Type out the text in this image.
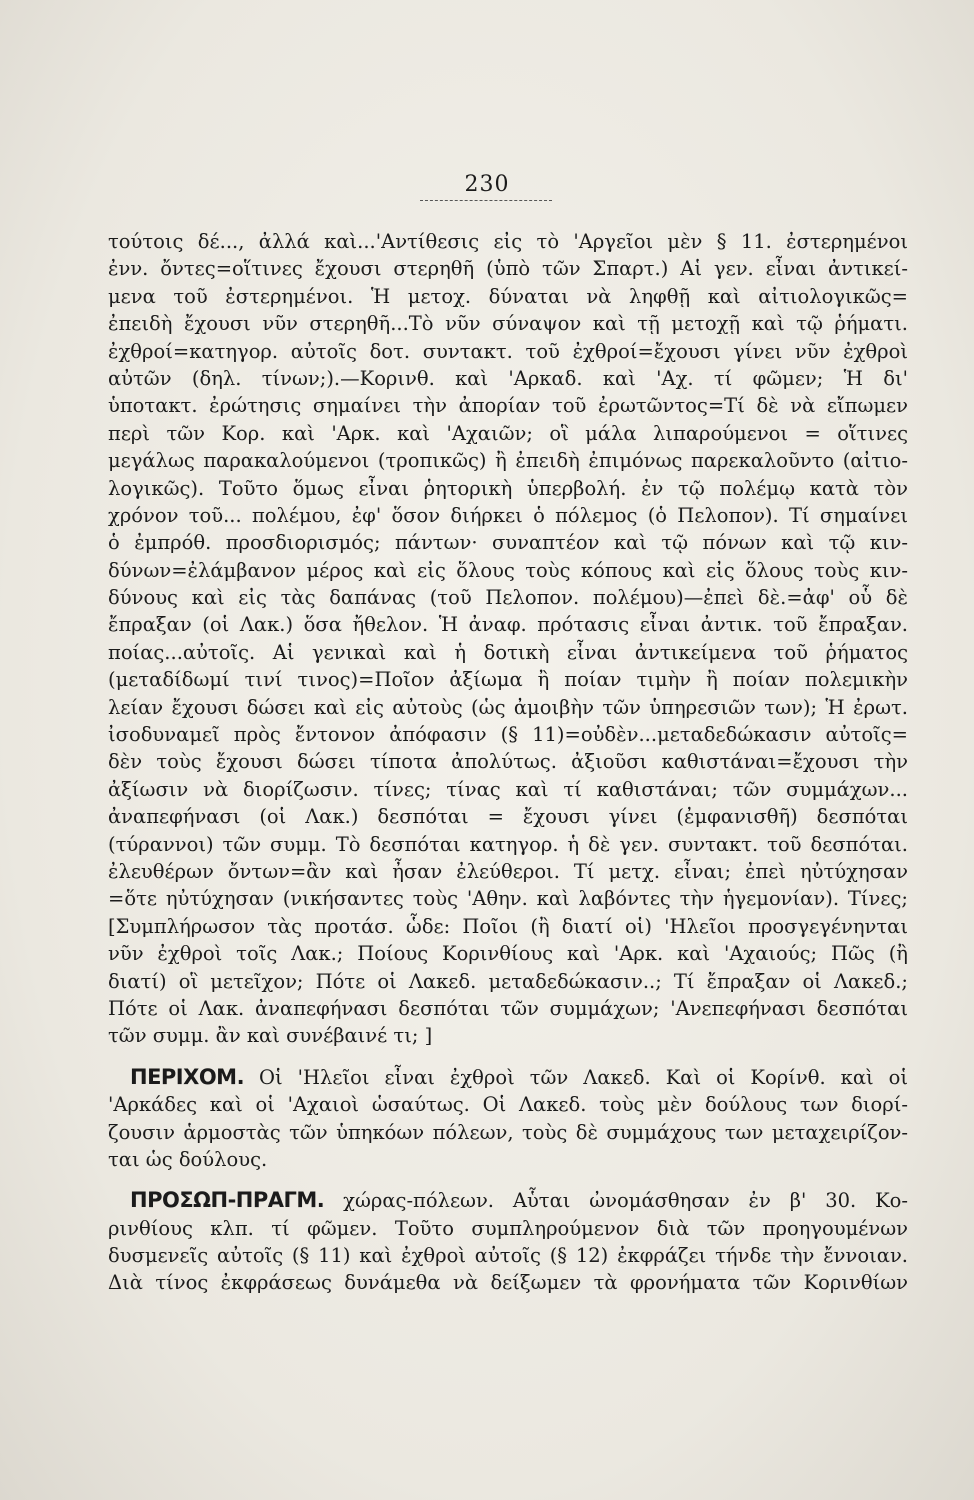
230
τούτοις δέ..., ἀλλά καὶ...'Αντίθεσις εἰς τὸ 'Αργεῖοι μὲν § 11. ἐστερημένοι
ἐνν. ὄντες=οἵτινες ἔχουσι στερηθῆ (ὑπὸ τῶν Σπαρτ.) Αἱ γεν. εἶναι ἀντικεί-
μενα τοῦ ἐστερημένοι. Ἡ μετοχ. δύναται νὰ ληφθῇ καὶ αἰτιολογικῶς=
ἐπειδὴ ἔχουσι νῦν στερηθῆ...Τὸ νῦν σύναψον καὶ τῇ μετοχῇ καὶ τῷ ῥήματι.
ἐχθροί=κατηγορ. αὐτοῖς δοτ. συντακτ. τοῦ ἐχθροί=ἔχουσι γίνει νῦν ἐχθροὶ
αὐτῶν (δηλ. τίνων;).—Κορινθ. καὶ 'Αρκαδ. καὶ 'Αχ. τί φῶμεν; Ἡ δι'
ὑποτακτ. ἐρώτησις σημαίνει τὴν ἀπορίαν τοῦ ἐρωτῶντος=Τί δὲ νὰ εἴπωμεν
περὶ τῶν Κορ. καὶ 'Αρκ. καὶ 'Αχαιῶν; οἳ μάλα λιπαρούμενοι = οἵτινες
μεγάλως παρακαλούμενοι (τροπικῶς) ἢ ἐπειδὴ ἐπιμόνως παρεκαλοῦντο (αἰτιο-
λογικῶς). Τοῦτο ὅμως εἶναι ῥητορικὴ ὑπερβολή. ἐν τῷ πολέμῳ κατὰ τὸν
χρόνον τοῦ... πολέμου, ἐφ' ὅσον διήρκει ὁ πόλεμος (ὁ Πελοπον). Τί σημαίνει
ὁ ἐμπρόθ. προσδιορισμός; πάντων· συναπτέον καὶ τῷ πόνων καὶ τῷ κιν-
δύνων=ἐλάμβανον μέρος καὶ εἰς ὅλους τοὺς κόπους καὶ εἰς ὅλους τοὺς κιν-
δύνους καὶ εἰς τὰς δαπάνας (τοῦ Πελοπον. πολέμου)—ἐπεὶ δὲ.=ἀφ' οὗ δὲ
ἔπραξαν (οἱ Λακ.) ὅσα ἤθελον. Ἡ ἀναφ. πρότασις εἶναι ἀντικ. τοῦ ἔπραξαν.
ποίας...αὐτοῖς. Αἱ γενικαὶ καὶ ἡ δοτικὴ εἶναι ἀντικείμενα τοῦ ῥήματος
(μεταδίδωμί τινί τινος)=Ποῖον ἀξίωμα ἢ ποίαν τιμὴν ἢ ποίαν πολεμικὴν
λείαν ἔχουσι δώσει καὶ εἰς αὐτοὺς (ὡς ἀμοιβὴν τῶν ὑπηρεσιῶν των); Ἡ ἐρωτ.
ἰσοδυναμεῖ πρὸς ἔντονον ἀπόφασιν (§ 11)=οὐδὲν...μεταδεδώκασιν αὐτοῖς=
δὲν τοὺς ἔχουσι δώσει τίποτα ἀπολύτως. ἀξιοῦσι καθιστάναι=ἔχουσι τὴν
ἀξίωσιν νὰ διορίζωσιν. τίνες; τίνας καὶ τί καθιστάναι; τῶν συμμάχων...
ἀναπεφήνασι (οἱ Λακ.) δεσπόται = ἔχουσι γίνει (ἐμφανισθῆ) δεσπόται
(τύραννοι) τῶν συμμ. Τὸ δεσπόται κατηγορ. ἡ δὲ γεν. συντακτ. τοῦ δεσπόται.
ἐλευθέρων ὄντων=ἂν καὶ ἦσαν ἐλεύθεροι. Τί μετχ. εἶναι; ἐπεὶ ηὐτύχησαν
=ὅτε ηὐτύχησαν (νικήσαντες τοὺς 'Αθην. καὶ λαβόντες τὴν ἡγεμονίαν). Τίνες;
[Συμπλήρωσον τὰς προτάσ. ὧδε: Ποῖοι (ἢ διατί οἱ) 'Ηλεῖοι προσγεγένηνται
νῦν ἐχθροὶ τοῖς Λακ.; Ποίους Κορινθίους καὶ 'Αρκ. καὶ 'Αχαιούς; Πῶς (ἢ
διατί) οἳ μετεῖχον; Πότε οἱ Λακεδ. μεταδεδώκασιν..; Τί ἔπραξαν οἱ Λακεδ.;
Πότε οἱ Λακ. ἀναπεφήνασι δεσπόται τῶν συμμάχων; 'Ανεπεφήνασι δεσπόται
τῶν συμμ. ἂν καὶ συνέβαινέ τι; ]
ΠΕΡΙΧΟΜ. Οἱ 'Ηλεῖοι εἶναι ἐχθροὶ τῶν Λακεδ. Καὶ οἱ Κορίνθ. καὶ οἱ
'Αρκάδες καὶ οἱ 'Αχαιοὶ ὡσαύτως. Οἱ Λακεδ. τοὺς μὲν δούλους των διορί-
ζουσιν ἁρμοστὰς τῶν ὑπηκόων πόλεων, τοὺς δὲ συμμάχους των μεταχειρίζον-
ται ὡς δούλους.
ΠΡΟΣΩΠ-ΠΡΑΓΜ. χώρας-πόλεων. Αὗται ὠνομάσθησαν ἐν β' 30. Κο-
ρινθίους κλπ. τί φῶμεν. Τοῦτο συμπληρούμενον διὰ τῶν προηγουμένων
δυσμενεῖς αὐτοῖς (§ 11) καὶ ἐχθροὶ αὐτοῖς (§ 12) ἐκφράζει τήνδε τὴν ἔννοιαν.
Διὰ τίνος ἐκφράσεως δυνάμεθα νὰ δείξωμεν τὰ φρονήματα τῶν Κορινθίων
